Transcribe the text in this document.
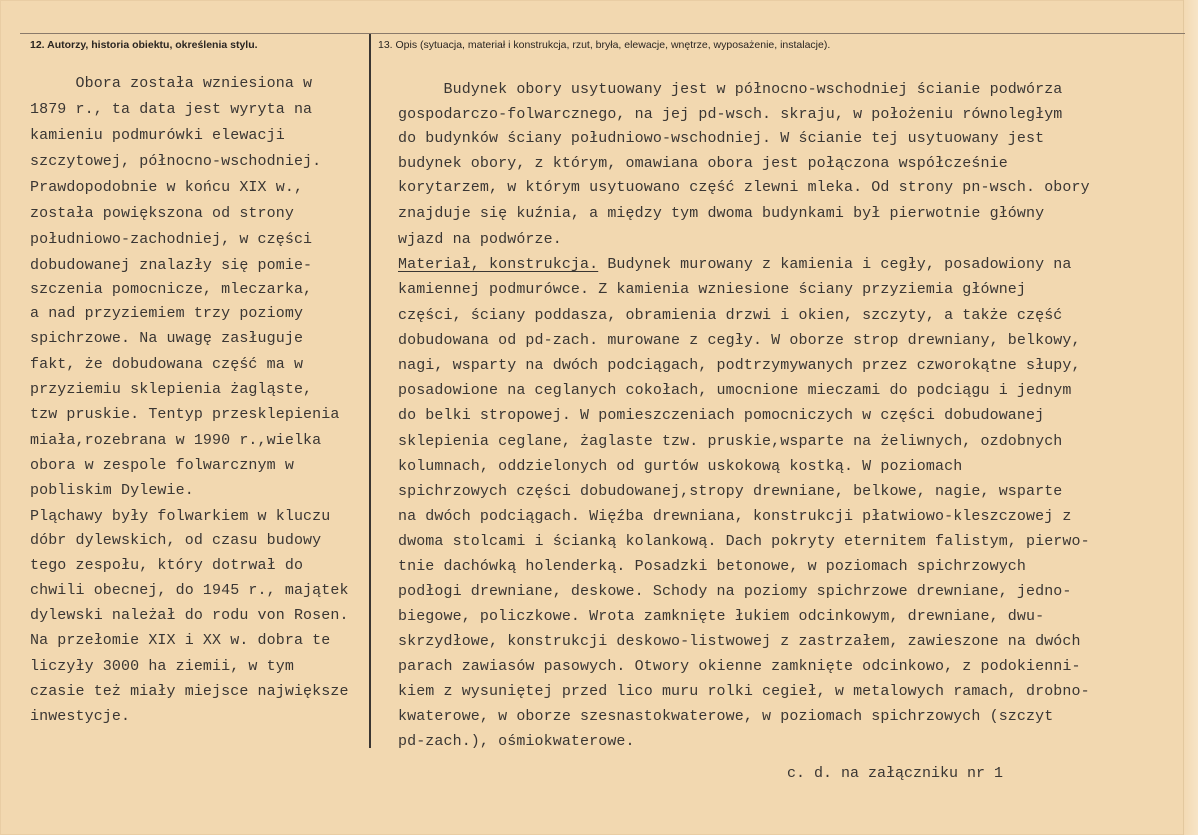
12. Autorzy, historia obiektu, określenia stylu.	13. Opis (sytuacja, materiał i konstrukcja, rzut, bryła, elewacje, wnętrze, wyposażenie, instalacje).
Obora została wzniesiona w
1879 r., ta data jest wyryta na
kamieniu podmurówki elewacji
szczytowej, północno-wschodniej.
Prawdopodobnie w końcu XIX w.,
została powiększona od strony
południowo-zachodniej, w części
dobudowanej znalazły się pomie-
szczenia pomocnicze, mleczarka,
a nad przyziemiem trzy poziomy
spichrzowe. Na uwagę zasługuje
fakt, że dobudowana część ma w
przyziemiu sklepienia żagląste,
tzw pruskie. Tentyp przesklepienia
miała,rozebrana w 1990 r.,wielka
obora w zespole folwarcznym w
pobliskim Dylewie.
Pląchawy były folwarkiem w kluczu
dóbr dylewskich, od czasu budowy
tego zespołu, który dotrwał do
chwili obecnej, do 1945 r., majątek
dylewski należał do rodu von Rosen.
Na przełomie XIX i XX w. dobra te
liczyły 3000 ha ziemii, w tym
czasie też miały miejsce największe
inwestycje.
Budynek obory usytuowany jest w północno-wschodniej ścianie podwórza
gospodarczo-folwarcznego, na jej pd-wsch. skraju, w położeniu równoległym
do budynków ściany południowo-wschodniej. W ścianie tej usytuowany jest
budynek obory, z którym, omawiana obora jest połączona współcześnie
korytarzem, w którym usytuowano część zlewni mleka. Od strony pn-wsch. obory
znajduje się kuźnia, a między tym dwoma budynkami był pierwotnie główny
wjazd na podwórze.
Materiał, konstrukcja. Budynek murowany z kamienia i cegły, posadowiony na
kamiennej podmurówce. Z kamienia wzniesione ściany przyziemia głównej
części, ściany poddasza, obramienia drzwi i okien, szczyty, a także część
dobudowana od pd-zach. murowane z cegły. W oborze strop drewniany, belkowy,
nagi, wsparty na dwóch podciągach, podtrzymywanych przez czworokątne słupy,
posadowione na ceglanych cokołach, umocnione mieczami do podciągu i jednym
do belki stropowej. W pomieszczeniach pomocniczych w części dobudowanej
sklepienia ceglane, żaglaste tzw. pruskie,wsparte na żeliwnych, ozdobnych
kolumnach, oddzielonych od gurtów uskokową kostką. W poziomach
spichrzowych części dobudowanej,stropy drewniane, belkowe, nagie, wsparte
na dwóch podciągach. Więźba drewniana, konstrukcji płatwiowo-kleszczowej z
dwoma stolcami i ścianką kolankową. Dach pokryty eternitem falistym, pierwo-
tnie dachówką holenderką. Posadzki betonowe, w poziomach spichrzowych
podłogi drewniane, deskowe. Schody na poziomy spichrzowe drewniane, jedno-
biegowe, policzkowe. Wrota zamknięte łukiem odcinkowym, drewniane, dwu-
skrzydłowe, konstrukcji deskowo-listwowej z zastrzałem, zawieszone na dwóch
parach zawiasów pasowych. Otwory okienne zamknięte odcinkowo, z podokienni-
kiem z wysuniętej przed lico muru rolki cegieł, w metalowych ramach, drobno-
kwaterowe, w oborze szesnastokwaterowe, w poziomach spichrzowych (szczyt
pd-zach.), ośmiokwaterowe.
c. d. na załączniku nr 1
